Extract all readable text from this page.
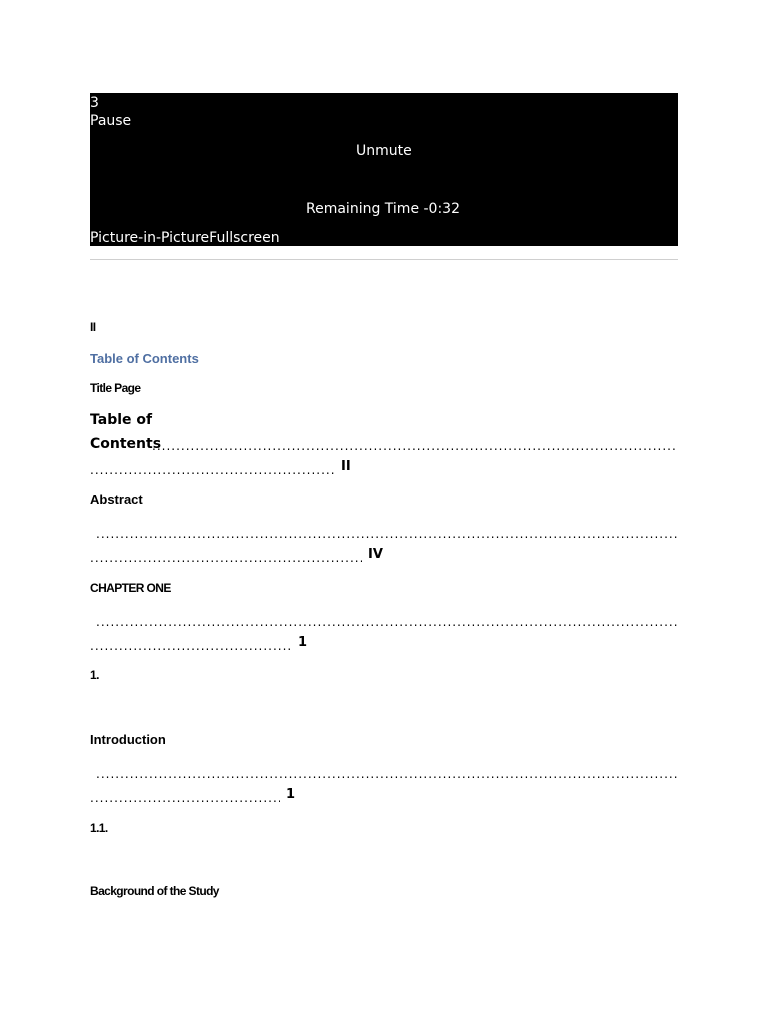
3
Pause
Unmute
Remaining Time -0:32
Picture-in-PictureFullscreen
II
Table of Contents
Title Page
Table of
Contents
.....
.....
II
Abstract
.....
.....
IV
CHAPTER ONE
.....
.....
1
1.
Introduction
.....
.....
1
1.1.
Background of the Study
